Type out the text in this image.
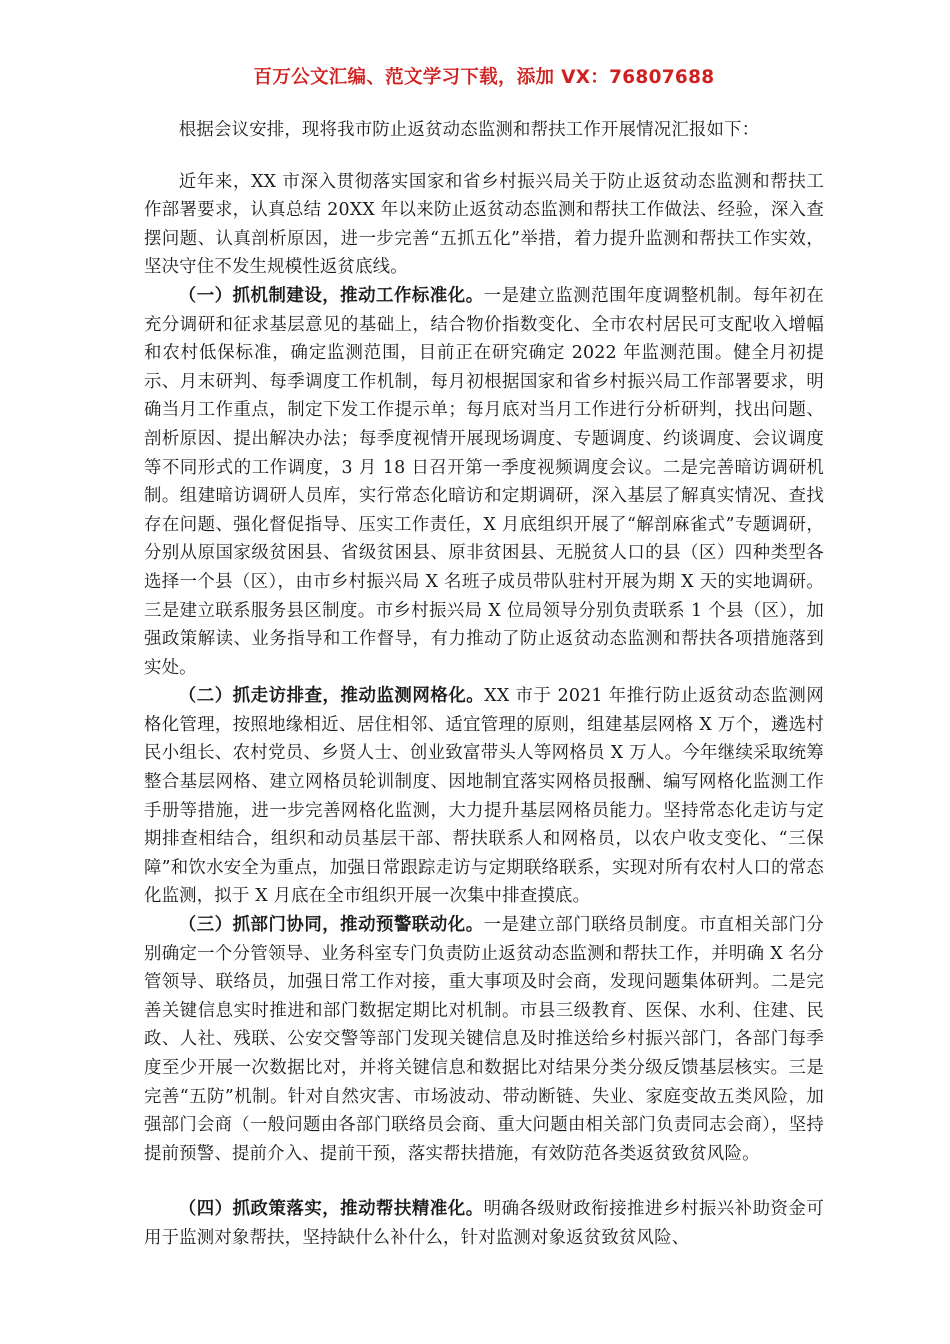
百万公文汇编、范文学习下载，添加 VX：76807688

根据会议安排，现将我市防止返贫动态监测和帮扶工作开展情况汇报如下：

近年来，XX 市深入贯彻落实国家和省乡村振兴局关于防止返贫动态监测和帮扶工作部署要求，认真总结 20XX 年以来防止返贫动态监测和帮扶工作做法、经验，深入查摆问题、认真剖析原因，进一步完善“五抓五化”举措，着力提升监测和帮扶工作实效，坚决守住不发生规模性返贫底线。

（一）抓机制建设，推动工作标准化。一是建立监测范围年度调整机制。每年初在充分调研和征求基层意见的基础上，结合物价指数变化、全市农村居民可支配收入增幅和农村低保标准，确定监测范围，目前正在研究确定 2022 年监测范围。健全月初提示、月末研判、每季调度工作机制，每月初根据国家和省乡村振兴局工作部署要求，明确当月工作重点，制定下发工作提示单；每月底对当月工作进行分析研判，找出问题、剖析原因、提出解决办法；每季度视情开展现场调度、专题调度、约谈调度、会议调度等不同形式的工作调度，3 月 18 日召开第一季度视频调度会议。二是完善暗访调研机制。组建暗访调研人员库，实行常态化暗访和定期调研，深入基层了解真实情况、查找存在问题、强化督促指导、压实工作责任，X 月底组织开展了“解剖麻雀式”专题调研，分别从原国家级贫困县、省级贫困县、原非贫困县、无脱贫人口的县（区）四种类型各选择一个县（区），由市乡村振兴局 X 名班子成员带队驻村开展为期 X 天的实地调研。三是建立联系服务县区制度。市乡村振兴局 X 位局领导分别负责联系 1 个县（区），加强政策解读、业务指导和工作督导，有力推动了防止返贫动态监测和帮扶各项措施落到实处。

（二）抓走访排查，推动监测网格化。XX 市于 2021 年推行防止返贫动态监测网格化管理，按照地缘相近、居住相邻、适宜管理的原则，组建基层网格 X 万个，遴选村民小组长、农村党员、乡贤人士、创业致富带头人等网格员 X 万人。今年继续采取统筹整合基层网格、建立网格员轮训制度、因地制宜落实网格员报酬、编写网格化监测工作手册等措施，进一步完善网格化监测，大力提升基层网格员能力。坚持常态化走访与定期排查相结合，组织和动员基层干部、帮扶联系人和网格员，以农户收支变化、“三保障”和饮水安全为重点，加强日常跟踪走访与定期联络联系，实现对所有农村人口的常态化监测，拟于 X 月底在全市组织开展一次集中排查摸底。

（三）抓部门协同，推动预警联动化。一是建立部门联络员制度。市直相关部门分别确定一个分管领导、业务科室专门负责防止返贫动态监测和帮扶工作，并明确 X 名分管领导、联络员，加强日常工作对接，重大事项及时会商，发现问题集体研判。二是完善关键信息实时推进和部门数据定期比对机制。市县三级教育、医保、水利、住建、民政、人社、残联、公安交警等部门发现关键信息及时推送给乡村振兴部门，各部门每季度至少开展一次数据比对，并将关键信息和数据比对结果分类分级反馈基层核实。三是完善“五防”机制。针对自然灾害、市场波动、带动断链、失业、家庭变故五类风险，加强部门会商（一般问题由各部门联络员会商、重大问题由相关部门负责同志会商），坚持提前预警、提前介入、提前干预，落实帮扶措施，有效防范各类返贫致贫风险。

（四）抓政策落实，推动帮扶精准化。明确各级财政衔接推进乡村振兴补助资金可用于监测对象帮扶，坚持缺什么补什么，针对监测对象返贫致贫风险、
